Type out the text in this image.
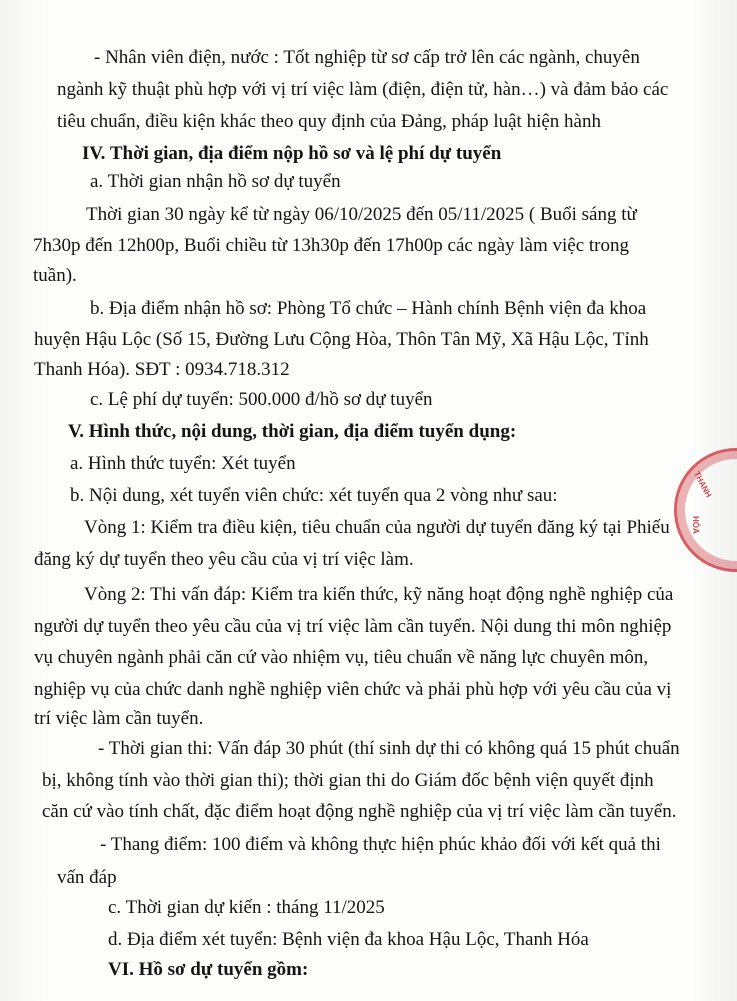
- Nhân viên điện, nước : Tốt nghiệp từ sơ cấp trở lên các ngành, chuyên

ngành kỹ thuật phù hợp với vị trí việc làm (điện, điện tử, hàn…) và đảm bảo các

tiêu chuẩn, điều kiện khác theo quy định của Đảng, pháp luật hiện hành

IV. Thời gian, địa điểm nộp hồ sơ và lệ phí dự tuyển

a. Thời gian nhận hồ sơ dự tuyển

Thời gian 30 ngày kể từ ngày 06/10/2025 đến 05/11/2025 ( Buổi sáng từ

7h30p đến 12h00p, Buổi chiều từ 13h30p đến 17h00p các ngày làm việc trong

tuần).

b. Địa điểm nhận hồ sơ: Phòng Tổ chức – Hành chính Bệnh viện đa khoa

huyện Hậu Lộc (Số 15, Đường Lưu Cộng Hòa, Thôn Tân Mỹ, Xã Hậu Lộc, Tỉnh

Thanh Hóa). SĐT : 0934.718.312

c. Lệ phí dự tuyển: 500.000 đ/hồ sơ dự tuyển

V. Hình thức, nội dung, thời gian, địa điểm tuyển dụng:

a. Hình thức tuyển: Xét tuyển

b. Nội dung, xét tuyển viên chức: xét tuyển qua 2 vòng như sau:

Vòng 1: Kiểm tra điều kiện, tiêu chuẩn của người dự tuyển đăng ký tại Phiếu

đăng ký dự tuyển theo yêu cầu của vị trí việc làm.

Vòng 2: Thi vấn đáp: Kiểm tra kiến thức, kỹ năng hoạt động nghề nghiệp của

người dự tuyển theo yêu cầu của vị trí việc làm cần tuyển. Nội dung thi môn nghiệp

vụ chuyên ngành phải căn cứ vào nhiệm vụ, tiêu chuẩn về năng lực chuyên môn,

nghiệp vụ của chức danh nghề nghiệp viên chức và phải phù hợp với yêu cầu của vị

trí việc làm cần tuyển.

- Thời gian thi: Vấn đáp 30 phút (thí sinh dự thi có không quá 15 phút chuẩn

bị, không tính vào thời gian thi); thời gian thi do Giám đốc bệnh viện quyết định

căn cứ vào tính chất, đặc điểm hoạt động nghề nghiệp của vị trí việc làm cần tuyển.

- Thang điểm: 100 điểm và không thực hiện phúc khảo đối với kết quả thi

vấn đáp

c. Thời gian dự kiến : tháng 11/2025

d. Địa điểm xét tuyển: Bệnh viện đa khoa Hậu Lộc, Thanh Hóa

VI. Hồ sơ dự tuyển gồm:

THANH
HÓA
